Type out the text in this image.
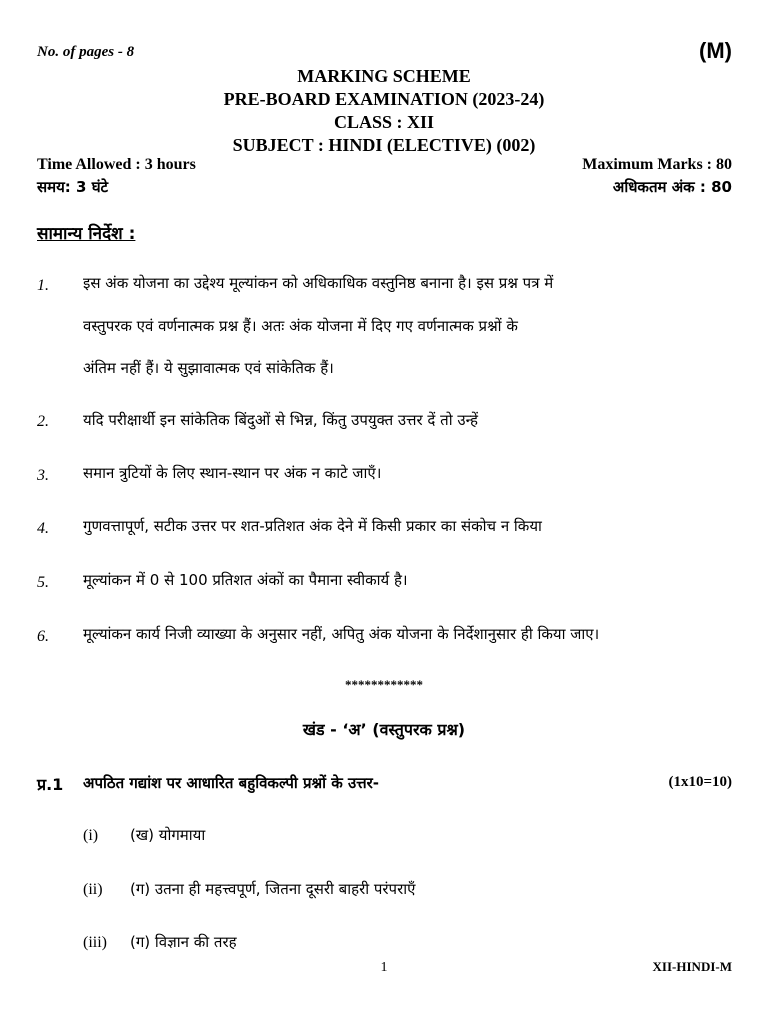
No. of pages - 8	(M)
MARKING SCHEME
PRE-BOARD EXAMINATION (2023-24)
CLASS : XII
SUBJECT : HINDI (ELECTIVE) (002)
Time Allowed : 3 hours	Maximum Marks : 80
समय: 3 घंटे	अधिकतम अंक : 80
सामान्य निर्देश :
1. इस अंक योजना का उद्देश्य मूल्यांकन को अधिकाधिक वस्तुनिष्ठ बनाना है। इस प्रश्न पत्र में
वस्तुपरक एवं वर्णनात्मक प्रश्न हैं। अतः अंक योजना में दिए गए वर्णनात्मक प्रश्नों के
अंतिम नहीं हैं। ये सुझावात्मक एवं सांकेतिक हैं।
2. यदि परीक्षार्थी इन सांकेतिक बिंदुओं से भिन्न, किंतु उपयुक्त उत्तर दें तो उन्हें
3. समान त्रुटियों के लिए स्थान-स्थान पर अंक न काटे जाएँ।
4. गुणवत्तापूर्ण, सटीक उत्तर पर शत-प्रतिशत अंक देने में किसी प्रकार का संकोच न किया
5. मूल्यांकन में 0 से 100 प्रतिशत अंकों का पैमाना स्वीकार्य है।
6. मूल्यांकन कार्य निजी व्याख्या के अनुसार नहीं, अपितु अंक योजना के निर्देशानुसार ही किया जाए।
************
खंड - ‘अ’ (वस्तुपरक प्रश्न)
प्र.1 अपठित गद्यांश पर आधारित बहुविकल्पी प्रश्नों के उत्तर-	(1x10=10)
(i) (ख) योगमाया
(ii) (ग) उतना ही महत्त्वपूर्ण, जितना दूसरी बाहरी परंपराएँ
(iii) (ग) विज्ञान की तरह
1	XII-HINDI-M
